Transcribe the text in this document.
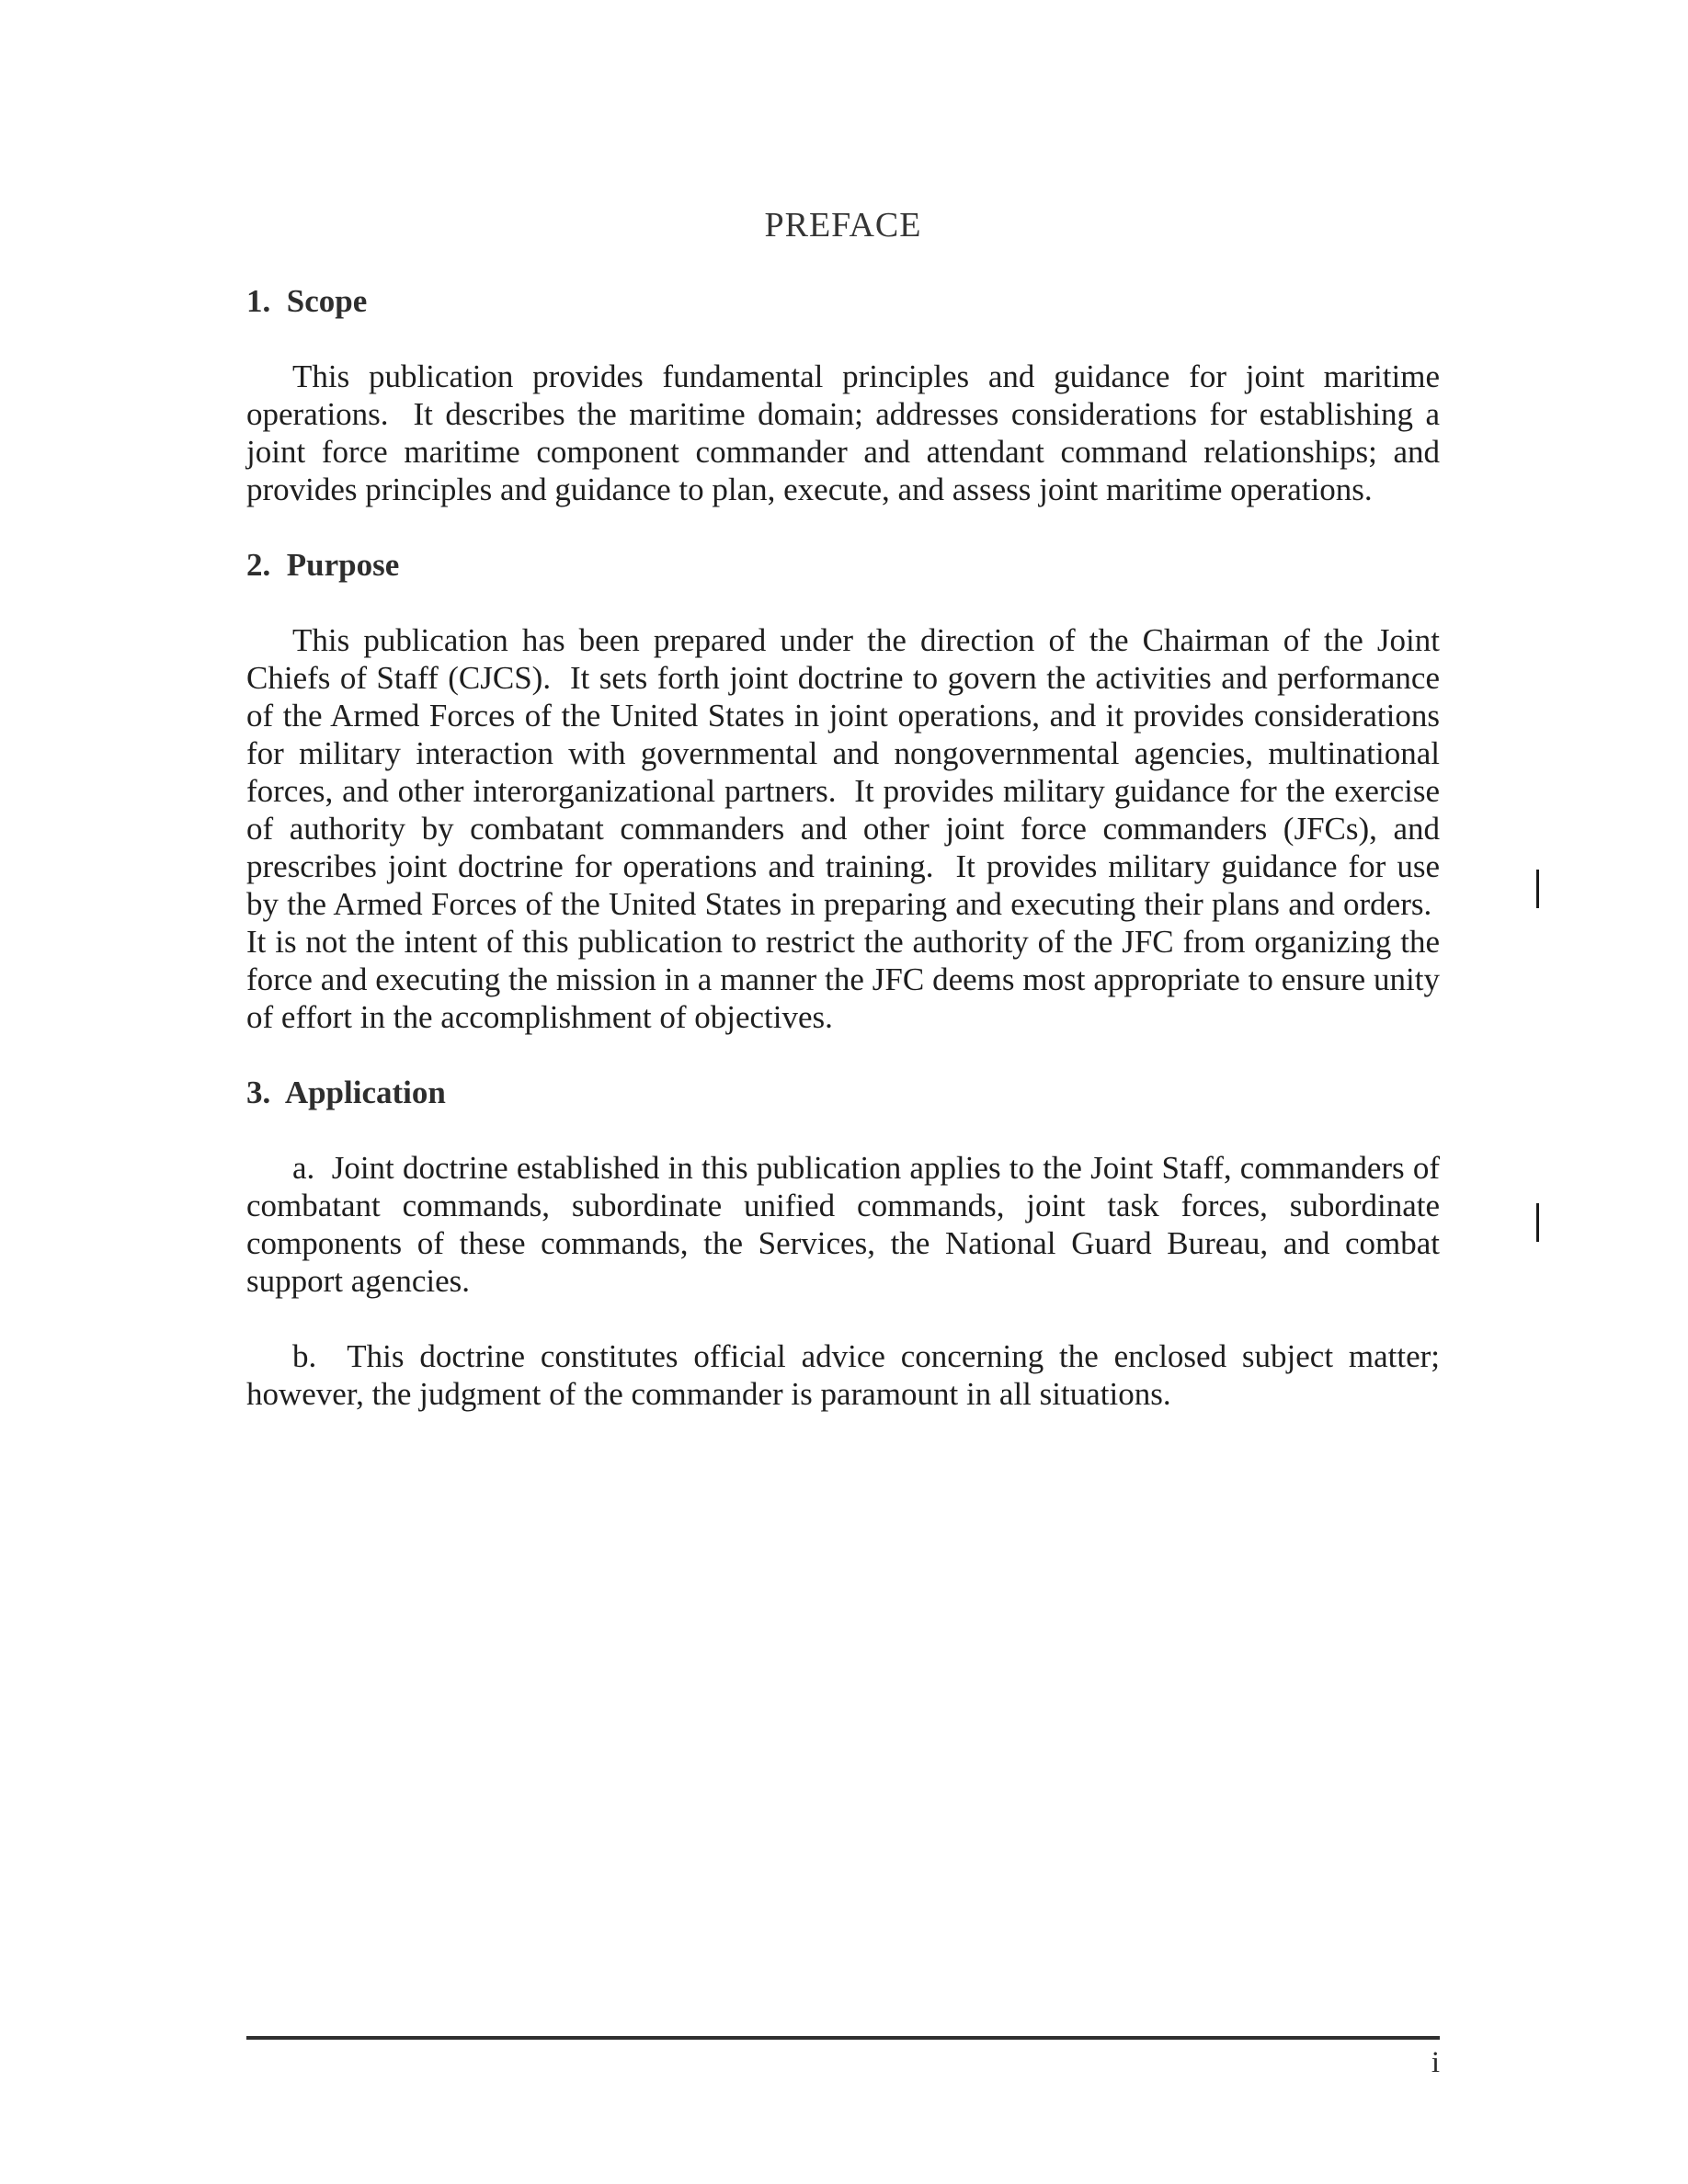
PREFACE
1.  Scope

This publication provides fundamental principles and guidance for joint maritime operations.  It describes the maritime domain; addresses considerations for establishing a joint force maritime component commander and attendant command relationships; and provides principles and guidance to plan, execute, and assess joint maritime operations.

2.  Purpose

This publication has been prepared under the direction of the Chairman of the Joint Chiefs of Staff (CJCS).  It sets forth joint doctrine to govern the activities and performance of the Armed Forces of the United States in joint operations, and it provides considerations for military interaction with governmental and nongovernmental agencies, multinational forces, and other interorganizational partners.  It provides military guidance for the exercise of authority by combatant commanders and other joint force commanders (JFCs), and prescribes joint doctrine for operations and training.  It provides military guidance for use by the Armed Forces of the United States in preparing and executing their plans and orders.  It is not the intent of this publication to restrict the authority of the JFC from organizing the force and executing the mission in a manner the JFC deems most appropriate to ensure unity of effort in the accomplishment of objectives.

3.  Application

a.  Joint doctrine established in this publication applies to the Joint Staff, commanders of combatant commands, subordinate unified commands, joint task forces, subordinate components of these commands, the Services, the National Guard Bureau, and combat support agencies.

b.  This doctrine constitutes official advice concerning the enclosed subject matter; however, the judgment of the commander is paramount in all situations.

i
